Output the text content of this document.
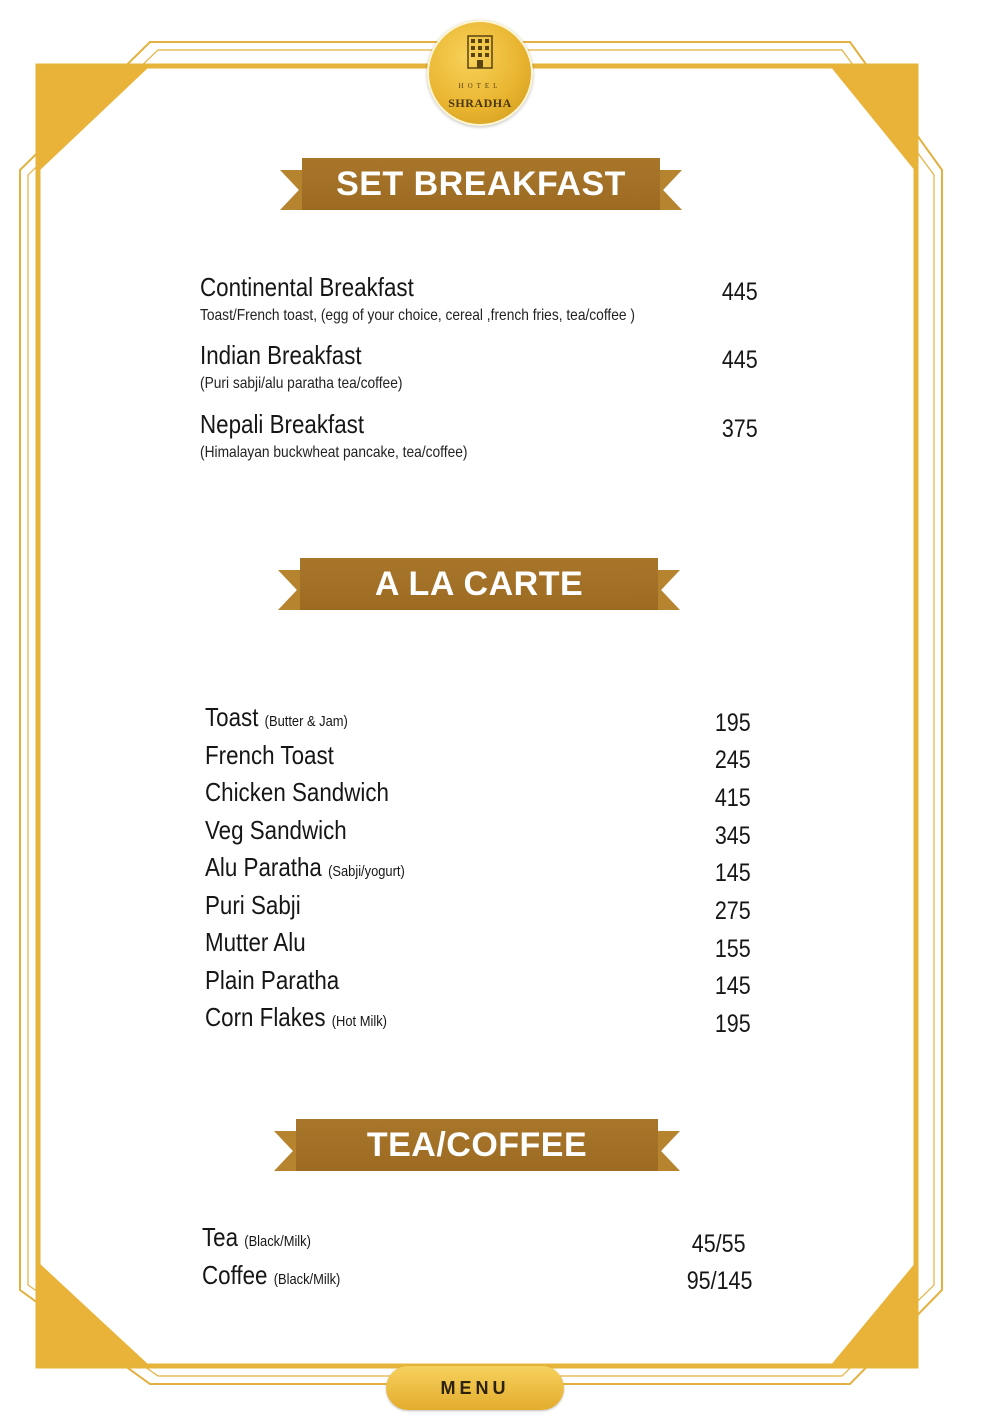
HOTEL
SHRADHA
SET BREAKFAST
Continental Breakfast
Toast/French toast, (egg of your choice, cereal ,french fries, tea/coffee )
445
Indian Breakfast
(Puri sabji/alu paratha tea/coffee)
445
Nepali Breakfast
(Himalayan buckwheat pancake, tea/coffee)
375
A LA CARTE
Toast (Butter & Jam)	195
French Toast	245
Chicken Sandwich	415
Veg Sandwich	345
Alu Paratha (Sabji/yogurt)	145
Puri Sabji	275
Mutter Alu	155
Plain Paratha	145
Corn Flakes (Hot Milk)	195
TEA/COFFEE
Tea (Black/Milk)	45/55
Coffee (Black/Milk)	95/145
MENU
